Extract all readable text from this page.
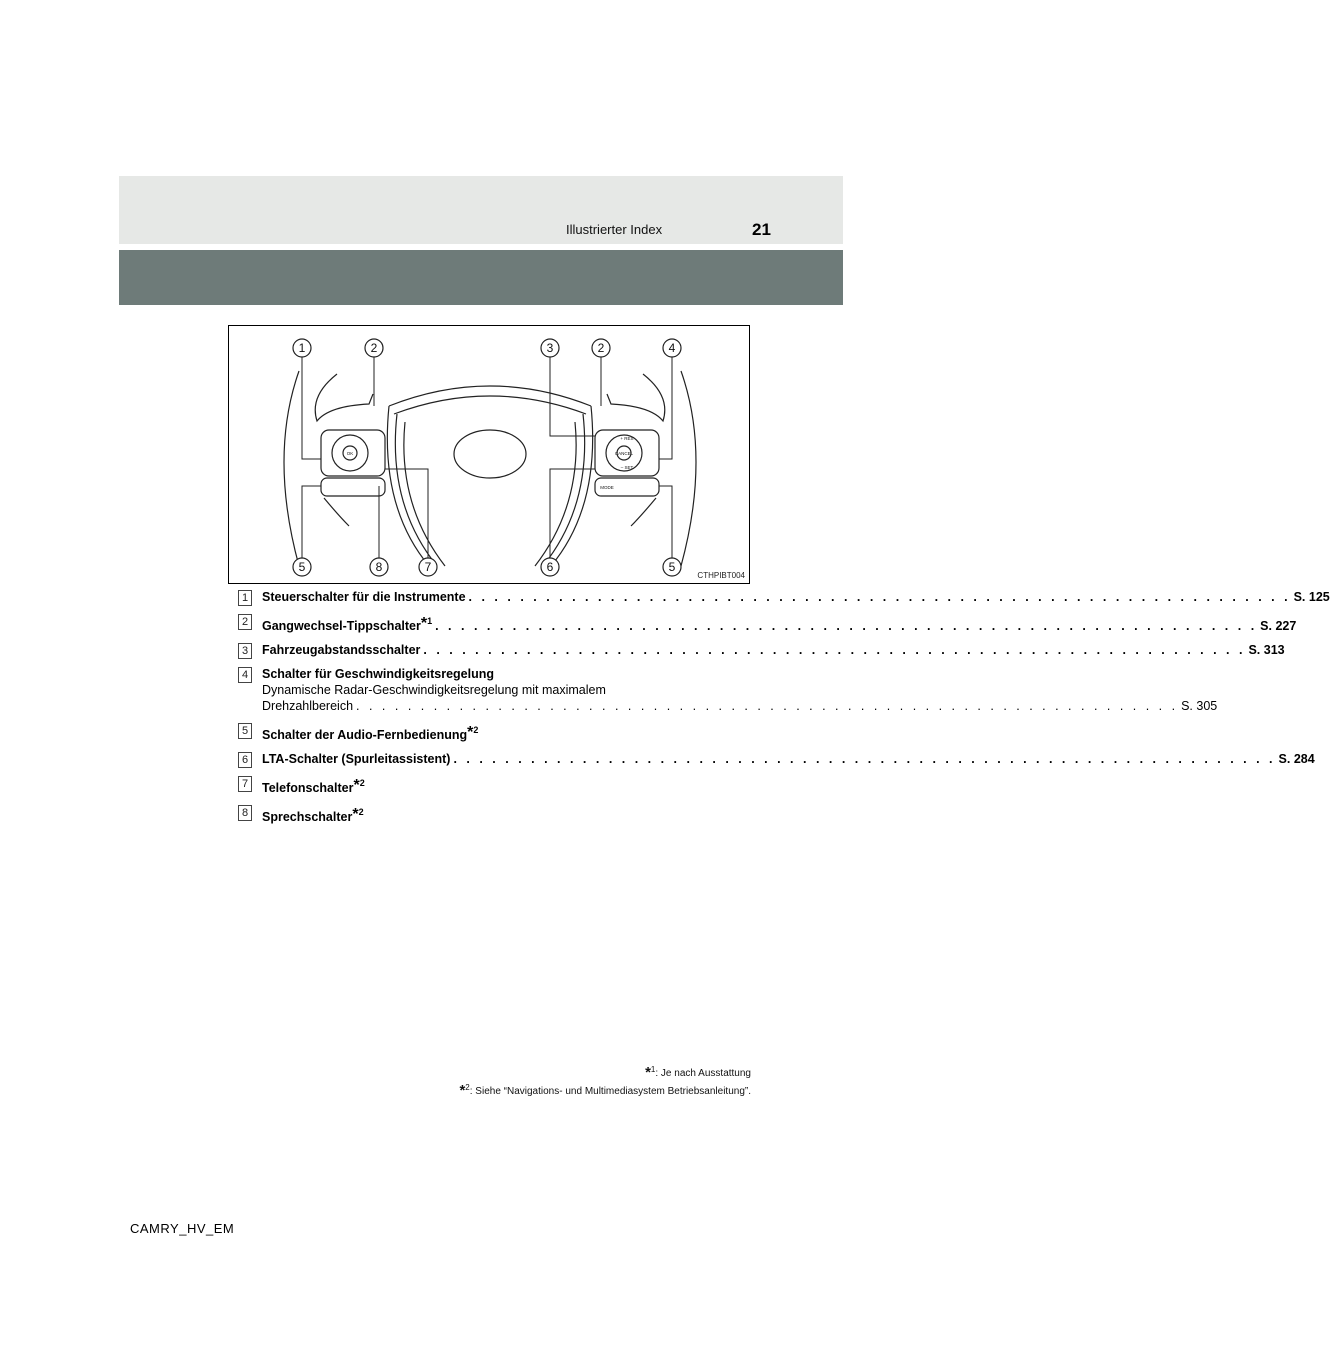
Illustrierter Index	21
1	2	3	2	4
5	8	7	6	5
OK
+ RES
CANCEL
– SET
MODE
CTHPIBT004
1	Steuerschalter für die Instrumente . . . . . . . . . . . . . . . . . . . . . . . . . . . . . . . . . . . . . . . . . . . . . . . . . . . . . . . . . . . . . . . . S. 125
2	Gangwechsel-Tippschalter*$^1$ . . . . . . . . . . . . . . . . . . . . . . . . . . . . . . . . . . . . . . . . . . . . . . . . . . . . . . . . . . . . . . . . S. 227
3	Fahrzeugabstandsschalter . . . . . . . . . . . . . . . . . . . . . . . . . . . . . . . . . . . . . . . . . . . . . . . . . . . . . . . . . . . . . . . . S. 313
4	Schalter für Geschwindigkeitsregelung
Dynamische Radar-Geschwindigkeitsregelung mit maximalem
Drehzahlbereich . . . . . . . . . . . . . . . . . . . . . . . . . . . . . . . . . . . . . . . . . . . . . . . . . . . . . . . . . . . . . . . . S. 305
5	Schalter der Audio-Fernbedienung*$^2$
6	LTA-Schalter (Spurleitassistent) . . . . . . . . . . . . . . . . . . . . . . . . . . . . . . . . . . . . . . . . . . . . . . . . . . . . . . . . . . . . . . . . S. 284
7	Telefonschalter*$^2$
8	Sprechschalter*$^2$
*$^1$: Je nach Ausstattung
*$^2$: Siehe “Navigations- und Multimediasystem Betriebsanleitung”.
CAMRY_HV_EM
